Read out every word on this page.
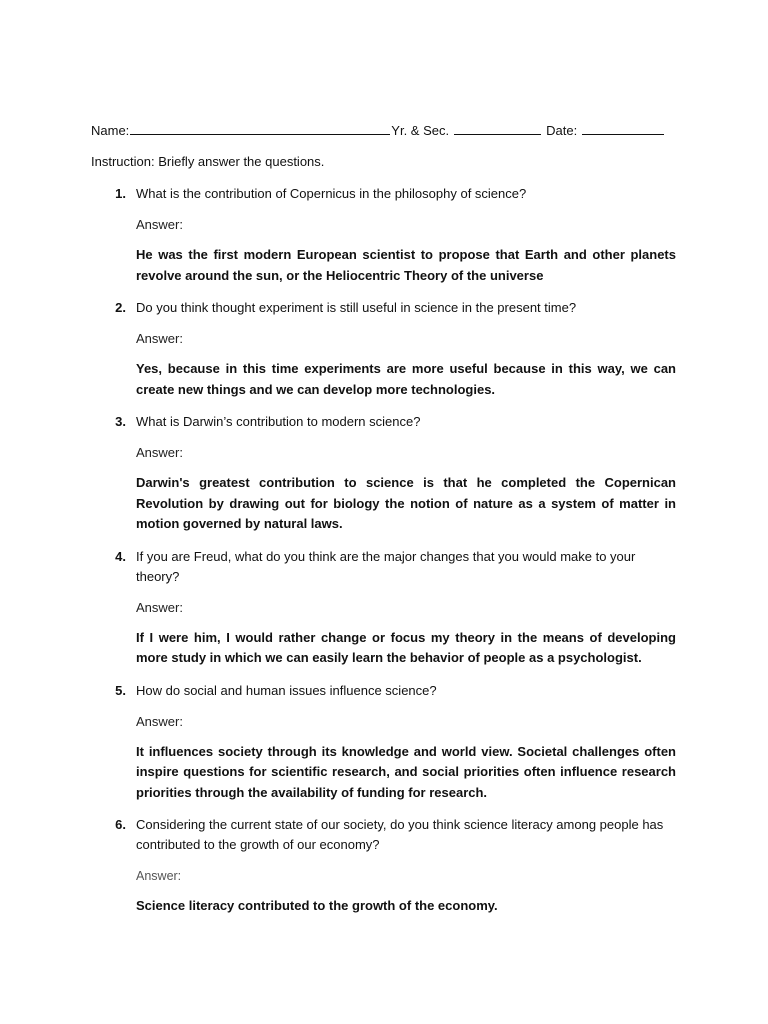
Name:	Yr. & Sec.	Date:
Instruction: Briefly answer the questions.
1. What is the contribution of Copernicus in the philosophy of science?

Answer:

He was the first modern European scientist to propose that Earth and other planets revolve around the sun, or the Heliocentric Theory of the universe

2. Do you think thought experiment is still useful in science in the present time?

Answer:

Yes, because in this time experiments are more useful because in this way, we can create new things and we can develop more technologies.

3. What is Darwin’s contribution to modern science?

Answer:

Darwin's greatest contribution to science is that he completed the Copernican Revolution by drawing out for biology the notion of nature as a system of matter in motion governed by natural laws.

4. If you are Freud, what do you think are the major changes that you would make to your theory?

Answer:

If I were him, I would rather change or focus my theory in the means of developing more study in which we can easily learn the behavior of people as a psychologist.

5. How do social and human issues influence science?

Answer:

It influences society through its knowledge and world view. Societal challenges often inspire questions for scientific research, and social priorities often influence research priorities through the availability of funding for research.

6. Considering the current state of our society, do you think science literacy among people has contributed to the growth of our economy?

Answer:

Science literacy contributed to the growth of the economy.
